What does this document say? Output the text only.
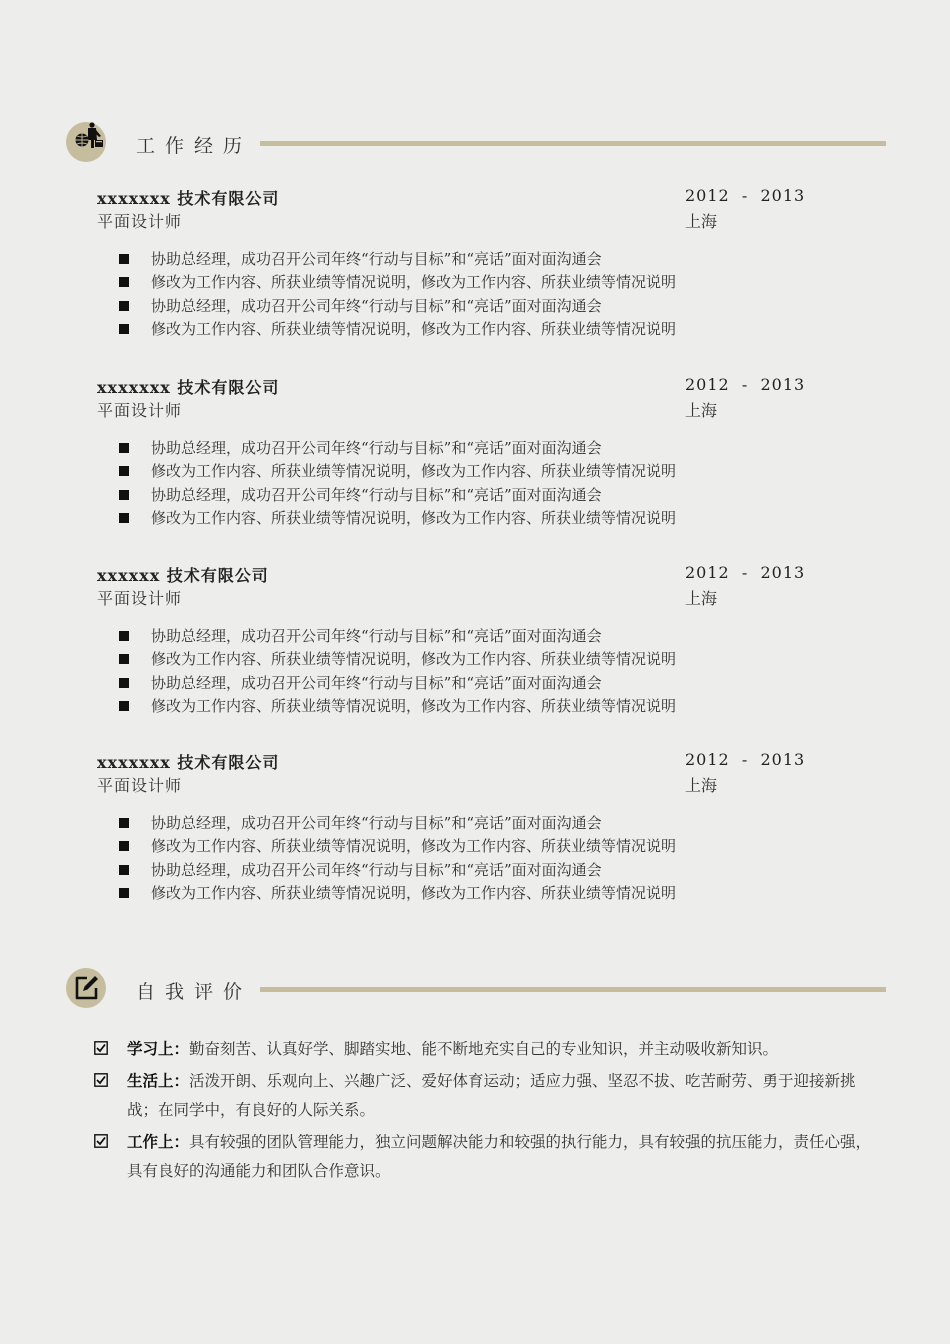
工作经历
xxxxxxx 技术有限公司
平面设计师
2012  -  2013
上海
协助总经理，成功召开公司年终“行动与目标”和“亮话”面对面沟通会
修改为工作内容、所获业绩等情况说明，修改为工作内容、所获业绩等情况说明
协助总经理，成功召开公司年终“行动与目标”和“亮话”面对面沟通会
修改为工作内容、所获业绩等情况说明，修改为工作内容、所获业绩等情况说明
xxxxxxx 技术有限公司
平面设计师
2012  -  2013
上海
协助总经理，成功召开公司年终“行动与目标”和“亮话”面对面沟通会
修改为工作内容、所获业绩等情况说明，修改为工作内容、所获业绩等情况说明
协助总经理，成功召开公司年终“行动与目标”和“亮话”面对面沟通会
修改为工作内容、所获业绩等情况说明，修改为工作内容、所获业绩等情况说明
xxxxxx 技术有限公司
平面设计师
2012  -  2013
上海
协助总经理，成功召开公司年终“行动与目标”和“亮话”面对面沟通会
修改为工作内容、所获业绩等情况说明，修改为工作内容、所获业绩等情况说明
协助总经理，成功召开公司年终“行动与目标”和“亮话”面对面沟通会
修改为工作内容、所获业绩等情况说明，修改为工作内容、所获业绩等情况说明
xxxxxxx 技术有限公司
平面设计师
2012  -  2013
上海
协助总经理，成功召开公司年终“行动与目标”和“亮话”面对面沟通会
修改为工作内容、所获业绩等情况说明，修改为工作内容、所获业绩等情况说明
协助总经理，成功召开公司年终“行动与目标”和“亮话”面对面沟通会
修改为工作内容、所获业绩等情况说明，修改为工作内容、所获业绩等情况说明
自我评价
学习上：勤奋刻苦、认真好学、脚踏实地、能不断地充实自己的专业知识，并主动吸收新知识。
生活上：活泼开朗、乐观向上、兴趣广泛、爱好体育运动；适应力强、坚忍不拔、吃苦耐劳、勇于迎接新挑战；在同学中，有良好的人际关系。
工作上：具有较强的团队管理能力，独立问题解决能力和较强的执行能力，具有较强的抗压能力，责任心强，具有良好的沟通能力和团队合作意识。
